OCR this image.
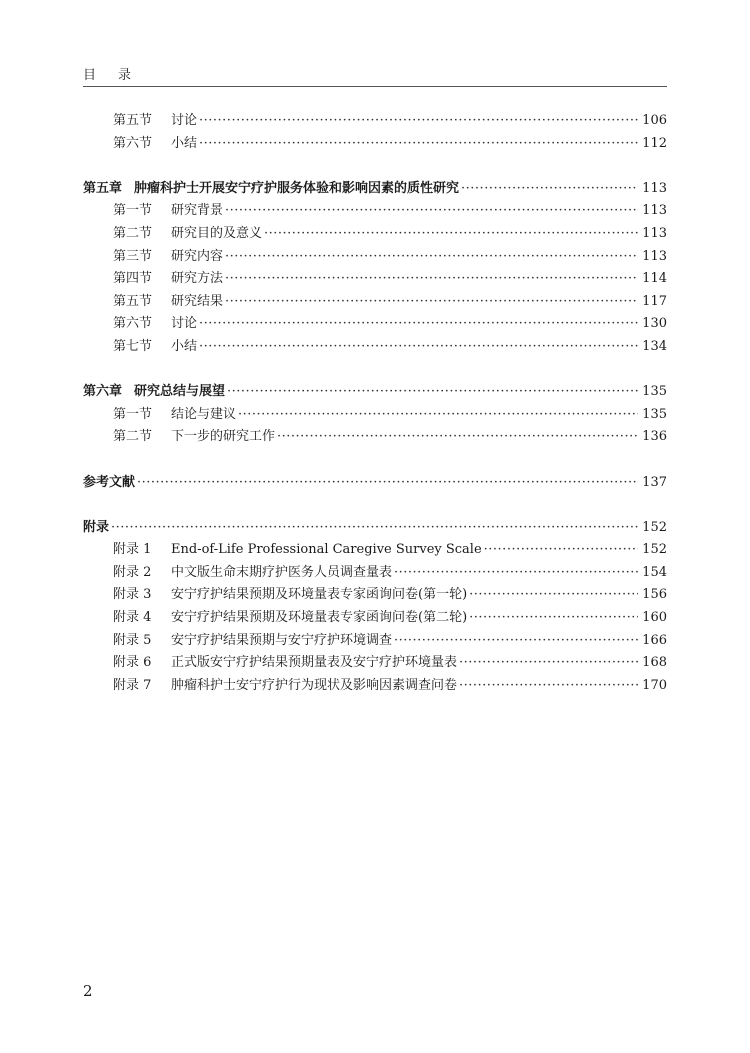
目 录
第五节 讨论 ·····	106
第六节 小结 ·····	112
第五章 肿瘤科护士开展安宁疗护服务体验和影响因素的质性研究 ·····	113
第一节 研究背景 ·····	113
第二节 研究目的及意义 ·····	113
第三节 研究内容 ·····	113
第四节 研究方法 ·····	114
第五节 研究结果 ·····	117
第六节 讨论 ·····	130
第七节 小结 ·····	134
第六章 研究总结与展望 ·····	135
第一节 结论与建议 ·····	135
第二节 下一步的研究工作 ·····	136
参考文献 ·····	137
附录 ·····	152
附录 1 End-of-Life Professional Caregive Survey Scale ·····	152
附录 2 中文版生命末期疗护医务人员调查量表 ·····	154
附录 3 安宁疗护结果预期及环境量表专家函询问卷(第一轮) ·····	156
附录 4 安宁疗护结果预期及环境量表专家函询问卷(第二轮) ·····	160
附录 5 安宁疗护结果预期与安宁疗护环境调查 ·····	166
附录 6 正式版安宁疗护结果预期量表及安宁疗护环境量表 ·····	168
附录 7 肿瘤科护士安宁疗护行为现状及影响因素调查问卷 ·····	170
2
